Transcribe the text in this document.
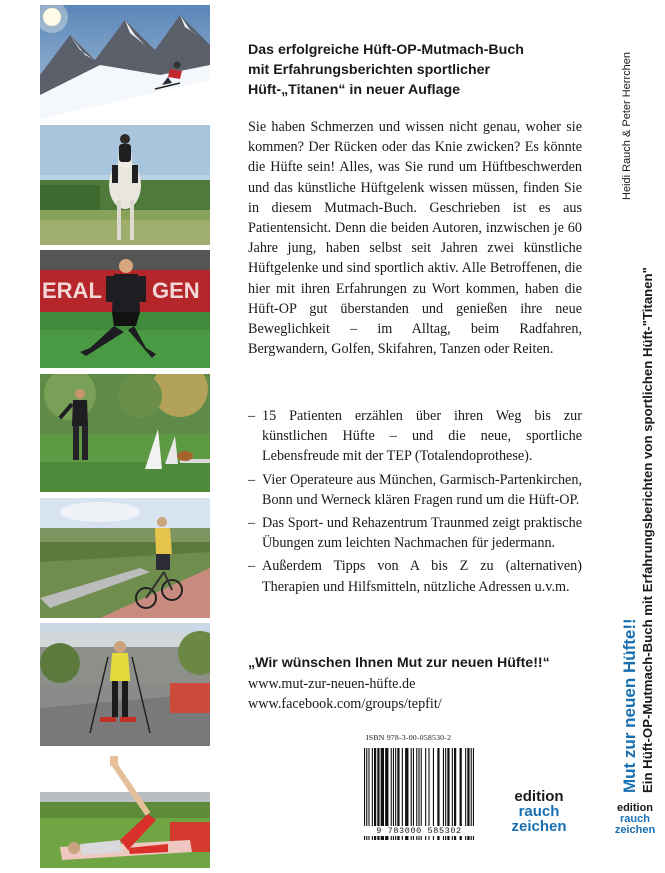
ERAL GEN
Das erfolgreiche Hüft-OP-Mutmach-Buch
mit Erfahrungsberichten sportlicher
Hüft-„Titanen“ in neuer Auflage

Sie haben Schmerzen und wissen nicht genau, woher sie kommen? Der Rücken oder das Knie zwicken? Es könnte die Hüfte sein! Alles, was Sie rund um Hüftbeschwerden und das künstliche Hüftgelenk wissen müssen, finden Sie in diesem Mutmach-Buch. Geschrieben ist es aus Patientensicht. Denn die beiden Autoren, inzwischen je 60 Jahre jung, haben selbst seit Jahren zwei künstliche Hüftgelenke und sind sportlich aktiv. Alle Betroffenen, die hier mit ihren Erfahrungen zu Wort kommen, haben die Hüft-OP gut überstanden und genießen ihre neue Beweglichkeit – im Alltag, beim Radfahren, Bergwandern, Golfen, Skifahren, Tanzen oder Reiten.

– 15 Patienten erzählen über ihren Weg bis zur künstlichen Hüfte – und die neue, sportliche Lebensfreude mit der TEP (Totalendoprothese).
– Vier Operateure aus München, Garmisch-Partenkirchen, Bonn und Werneck klären Fragen rund um die Hüft-OP.
– Das Sport- und Rehazentrum Traunmed zeigt praktische Übungen zum leichten Nachmachen für jedermann.
– Außerdem Tipps von A bis Z zu (alternativen) Therapien und Hilfsmitteln, nützliche Adressen u.v.m.
„Wir wünschen Ihnen Mut zur neuen Hüfte!!“
www.mut-zur-neuen-hüfte.de
www.facebook.com/groups/tepfit/
ISBN 978-3-00-058530-2
9 783000 585302
edition
rauch
zeichen
Heidi Rauch & Peter Herrchen
Mut zur neuen Hüfte!! Ein Hüft-OP-Mutmach-Buch mit Erfahrungsberichten von sportlichen Hüft-"Titanen"
edition
rauch
zeichen
